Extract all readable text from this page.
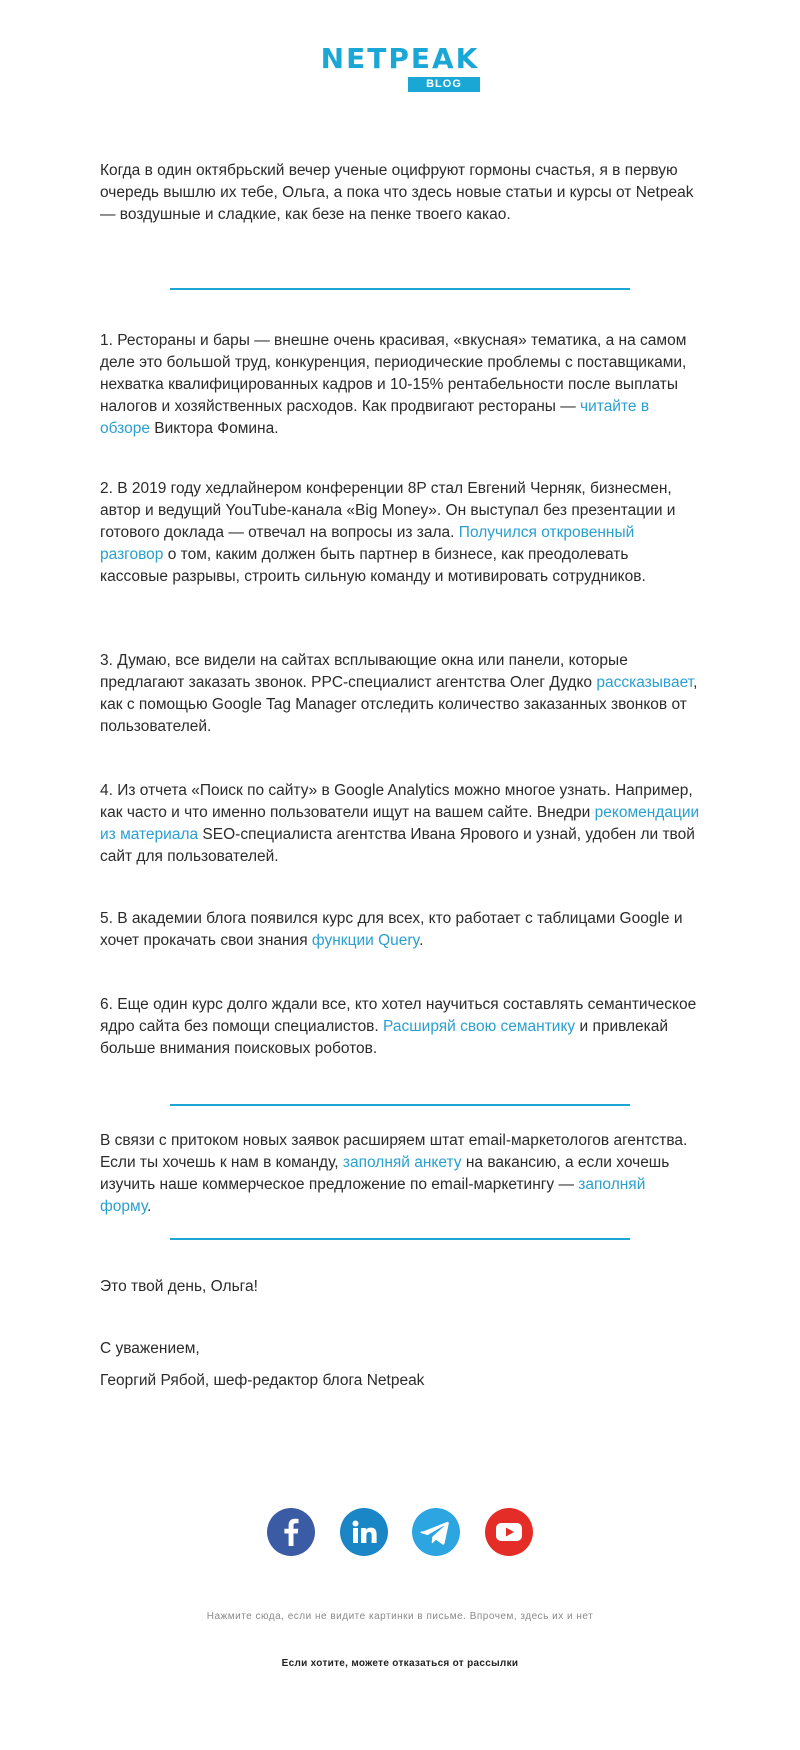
NETPEAK
BLOG

Когда в один октябрьский вечер ученые оцифруют гормоны счастья, я в первую очередь вышлю их тебе, Ольга, а пока что здесь новые статьи и курсы от Netpeak — воздушные и сладкие, как безе на пенке твоего какао.

1. Рестораны и бары — внешне очень красивая, «вкусная» тематика, а на самом деле это большой труд, конкуренция, периодические проблемы с поставщиками, нехватка квалифицированных кадров и 10-15% рентабельности после выплаты налогов и хозяйственных расходов. Как продвигают рестораны — читайте в обзоре Виктора Фомина.

2. В 2019 году хедлайнером конференции 8P стал Евгений Черняк, бизнесмен, автор и ведущий YouTube-канала «Big Money». Он выступал без презентации и готового доклада — отвечал на вопросы из зала. Получился откровенный разговор о том, каким должен быть партнер в бизнесе, как преодолевать кассовые разрывы, строить сильную команду и мотивировать сотрудников.

3. Думаю, все видели на сайтах всплывающие окна или панели, которые предлагают заказать звонок. PPC-специалист агентства Олег Дудко рассказывает, как с помощью Google Tag Manager отследить количество заказанных звонков от пользователей.

4. Из отчета «Поиск по сайту» в Google Analytics можно многое узнать. Например, как часто и что именно пользователи ищут на вашем сайте. Внедри рекомендации из материала SEO-специалиста агентства Ивана Ярового и узнай, удобен ли твой сайт для пользователей.

5. В академии блога появился курс для всех, кто работает с таблицами Google и хочет прокачать свои знания функции Query.

6. Еще один курс долго ждали все, кто хотел научиться составлять семантическое ядро сайта без помощи специалистов. Расширяй свою семантику и привлекай больше внимания поисковых роботов.

В связи с притоком новых заявок расширяем штат email-маркетологов агентства. Если ты хочешь к нам в команду, заполняй анкету на вакансию, а если хочешь изучить наше коммерческое предложение по email-маркетингу — заполняй форму.

Это твой день, Ольга!

С уважением,

Георгий Рябой, шеф-редактор блога Netpeak

Нажмите сюда, если не видите картинки в письме. Впрочем, здесь их и нет
Если хотите, можете отказаться от рассылки
